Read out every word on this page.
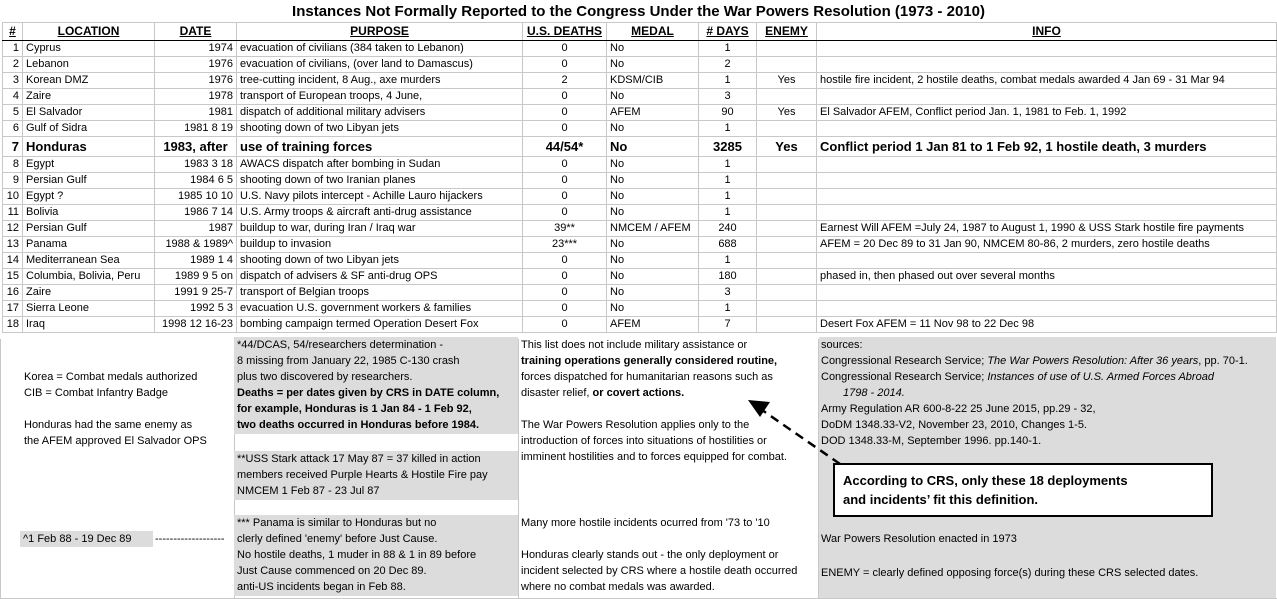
Instances Not Formally Reported to the Congress Under the War Powers Resolution (1973 - 2010)
#	LOCATION	DATE	PURPOSE	U.S. DEATHS	MEDAL	# DAYS	ENEMY	INFO
1	Cyprus	1974	evacuation of civilians (384 taken to Lebanon)	0	No	1		
2	Lebanon	1976	evacuation of civilians, (over land to Damascus)	0	No	2		
3	Korean DMZ	1976	tree-cutting incident, 8 Aug., axe murders	2	KDSM/CIB	1	Yes	hostile fire incident, 2 hostile deaths, combat medals awarded 4 Jan 69 - 31 Mar 94
4	Zaire	1978	transport of European troops, 4 June,	0	No	3		
5	El Salvador	1981	dispatch of additional military advisers	0	AFEM	90	Yes	El Salvador AFEM, Conflict period Jan. 1, 1981 to Feb. 1, 1992
6	Gulf of Sidra	1981 8 19	shooting down of two Libyan jets	0	No	1		
7	Honduras	1983, after	use of training forces	44/54*	No	3285	Yes	Conflict period 1 Jan 81 to 1 Feb 92, 1 hostile death, 3 murders
8	Egypt	1983 3 18	AWACS dispatch after bombing in Sudan	0	No	1		
9	Persian Gulf	1984 6 5	shooting down of two Iranian planes	0	No	1		
10	Egypt ?	1985 10 10	U.S. Navy pilots intercept - Achille Lauro hijackers	0	No	1		
11	Bolivia	1986 7 14	U.S. Army troops & aircraft anti-drug assistance	0	No	1		
12	Persian Gulf	1987	buildup to war, during Iran / Iraq war	39**	NMCEM / AFEM	240		Earnest Will AFEM =July 24, 1987 to August 1, 1990 & USS Stark hostile fire payments
13	Panama	1988 & 1989^	buildup to invasion	23***	No	688		AFEM = 20 Dec 89 to 31 Jan 90, NMCEM 80-86, 2 murders, zero hostile deaths
14	Mediterranean Sea	1989 1 4	shooting down of two Libyan jets	0	No	1		
15	Columbia, Bolivia, Peru	1989 9 5 on	dispatch of advisers & SF anti-drug OPS	0	No	180		phased in, then phased out over several months
16	Zaire	1991 9 25-7	transport of Belgian troops	0	No	3		
17	Sierra Leone	1992 5 3	evacuation U.S. government workers & families	0	No	1		
18	Iraq	1998 12 16-23	bombing campaign termed Operation Desert Fox	0	AFEM	7		Desert Fox AFEM = 11 Nov 98 to 22 Dec 98
Korea = Combat medals authorized
CIB = Combat Infantry Badge
Honduras had the same enemy as
the AFEM approved El Salvador OPS
^1 Feb 88 - 19 Dec 89	-------------------
*44/DCAS, 54/researchers determination -
8 missing from January 22, 1985 C-130 crash
plus two discovered by researchers.
Deaths = per dates given by CRS in DATE column,
for example, Honduras is 1 Jan 84 - 1 Feb 92,
two deaths occurred in Honduras before 1984.
**USS Stark attack 17 May 87 = 37 killed in action
members received Purple Hearts & Hostile Fire pay
NMCEM 1 Feb 87 - 23 Jul 87
*** Panama is similar to Honduras but no
clerly defined 'enemy' before Just Cause.
No hostile deaths, 1 muder in 88 & 1 in 89 before
Just Cause commenced on 20 Dec 89.
anti-US incidents began in Feb 88.
This list does not include military assistance or
training operations generally considered routine,
forces dispatched for humanitarian reasons such as
disaster relief, or covert actions.
The War Powers Resolution applies only to the
introduction of forces into situations of hostilities or
imminent hostilities and to forces equipped for combat.
Many more hostile incidents ocurred from '73 to '10
Honduras clearly stands out - the only deployment or
incident selected by CRS where a hostile death occurred
where no combat medals was awarded.
sources:
Congressional Research Service; The War Powers Resolution: After 36 years, pp. 70-1.
Congressional Research Service; Instances of use of U.S. Armed Forces Abroad
1798 - 2014.
Army Regulation AR 600-8-22 25 June 2015, pp.29 - 32,
DoDM 1348.33-V2, November 23, 2010, Changes 1-5.
DOD 1348.33-M, September 1996. pp.140-1.
War Powers Resolution enacted in 1973
ENEMY = clearly defined opposing force(s) during these CRS selected dates.
According to CRS, only these 18 deployments
and incidents’ fit this definition.
